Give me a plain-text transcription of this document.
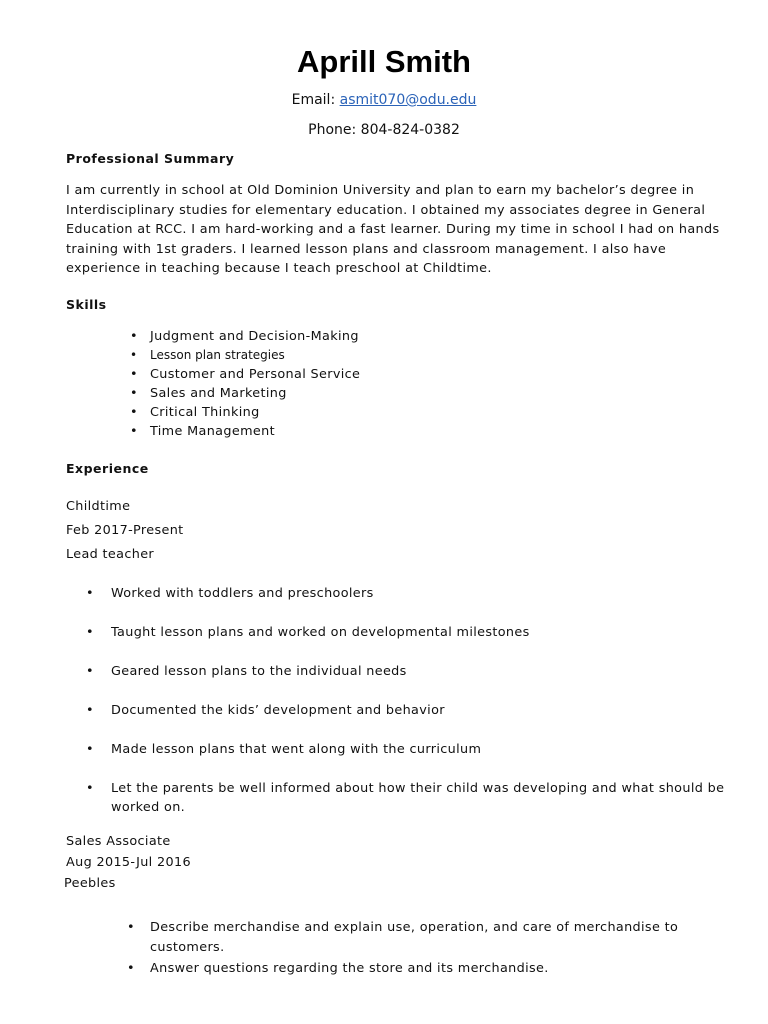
Aprill Smith
Email: asmit070@odu.edu
Phone: 804-824-0382
Professional Summary
I am currently in school at Old Dominion University and plan to earn my bachelor’s degree in
Interdisciplinary studies for elementary education. I obtained my associates degree in General
Education at RCC. I am hard-working and a fast learner. During my time in school I had on hands
training with 1st graders. I learned lesson plans and classroom management. I also have
experience in teaching because I teach preschool at Childtime.
Skills
• Judgment and Decision-Making
• Lesson plan strategies
• Customer and Personal Service
• Sales and Marketing
• Critical Thinking
• Time Management
Experience
Childtime
Feb 2017-Present
Lead teacher
•	Worked with toddlers and preschoolers
•	Taught lesson plans and worked on developmental milestones
•	Geared lesson plans to the individual needs
•	Documented the kids’ development and behavior
•	Made lesson plans that went along with the curriculum
•	Let the parents be well informed about how their child was developing and what should be
worked on.
Sales Associate
Aug 2015-Jul 2016
Peebles
•	Describe merchandise and explain use, operation, and care of merchandise to
customers.
•	Answer questions regarding the store and its merchandise.
